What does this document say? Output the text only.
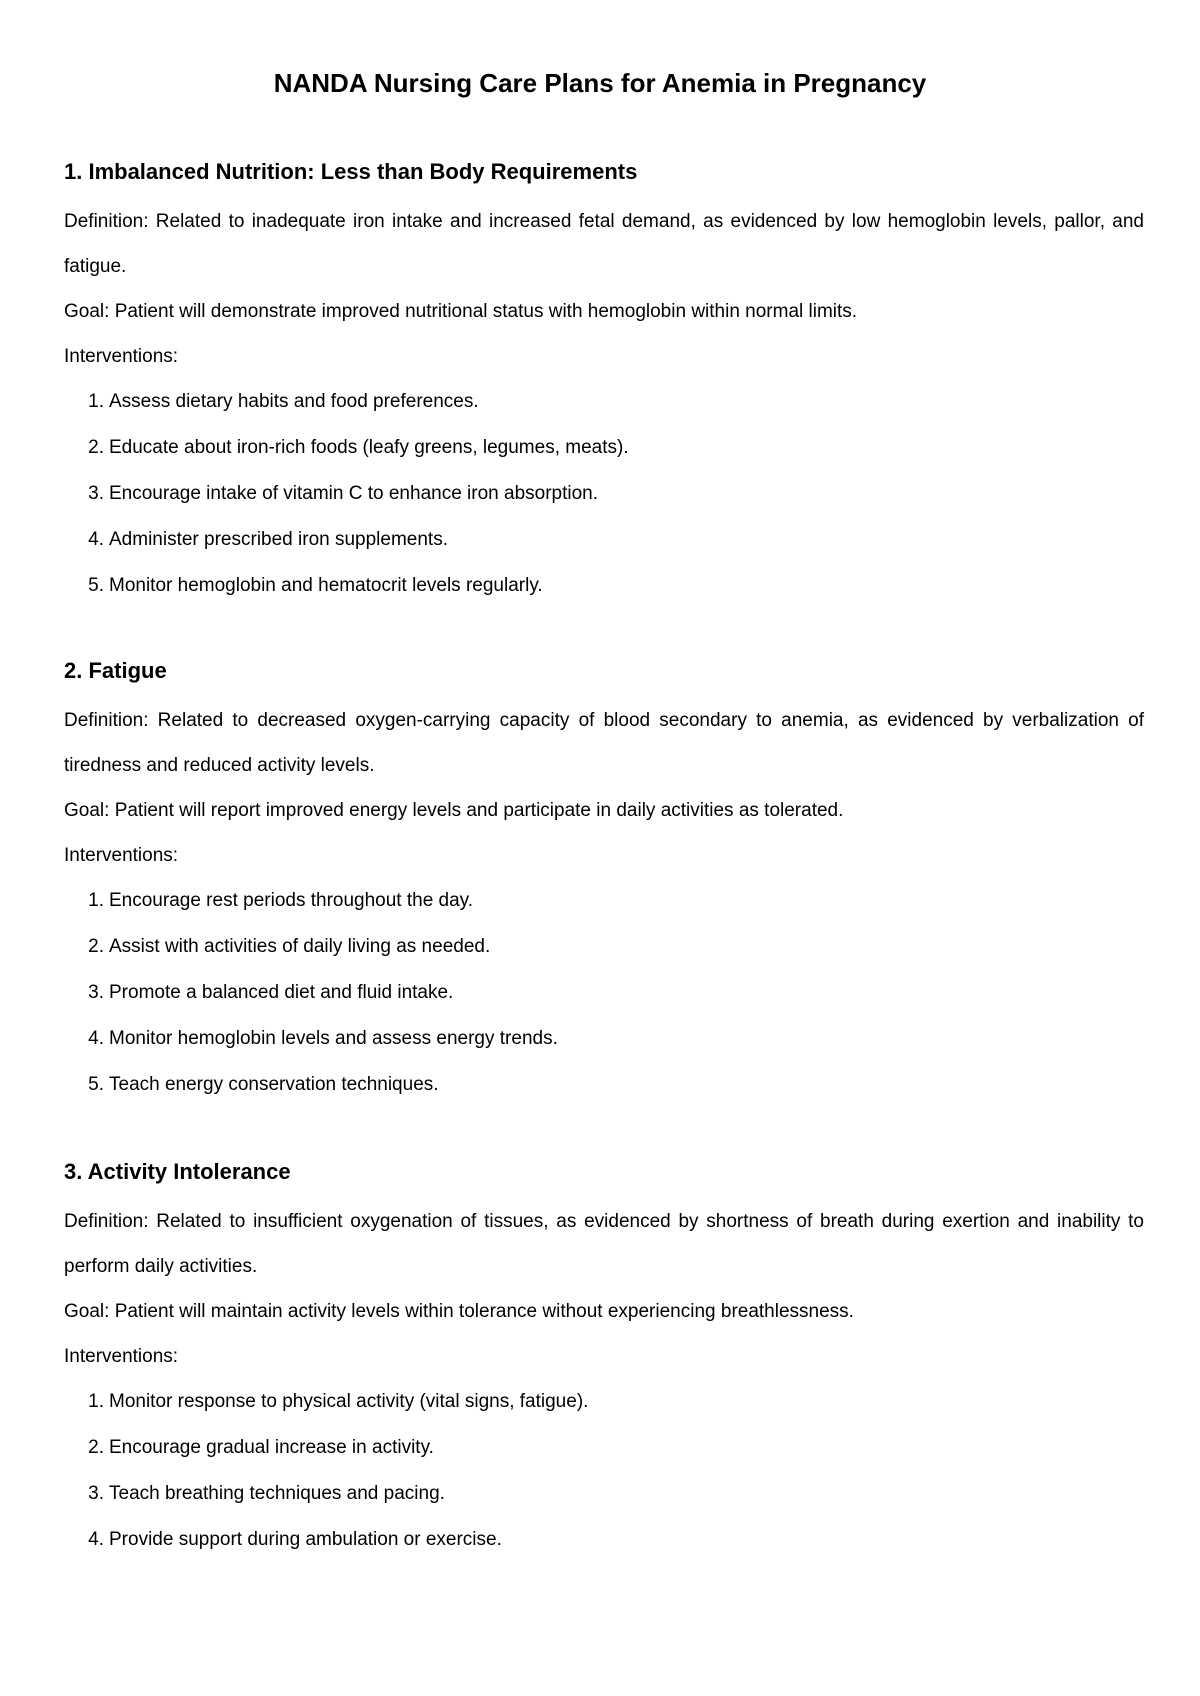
NANDA Nursing Care Plans for Anemia in Pregnancy
1. Imbalanced Nutrition: Less than Body Requirements

Definition: Related to inadequate iron intake and increased fetal demand, as evidenced by low hemoglobin levels, pallor, and fatigue.

Goal: Patient will demonstrate improved nutritional status with hemoglobin within normal limits.

Interventions:

1. Assess dietary habits and food preferences.
2. Educate about iron-rich foods (leafy greens, legumes, meats).
3. Encourage intake of vitamin C to enhance iron absorption.
4. Administer prescribed iron supplements.
5. Monitor hemoglobin and hematocrit levels regularly.
2. Fatigue

Definition: Related to decreased oxygen-carrying capacity of blood secondary to anemia, as evidenced by verbalization of tiredness and reduced activity levels.

Goal: Patient will report improved energy levels and participate in daily activities as tolerated.

Interventions:

1. Encourage rest periods throughout the day.
2. Assist with activities of daily living as needed.
3. Promote a balanced diet and fluid intake.
4. Monitor hemoglobin levels and assess energy trends.
5. Teach energy conservation techniques.
3. Activity Intolerance

Definition: Related to insufficient oxygenation of tissues, as evidenced by shortness of breath during exertion and inability to perform daily activities.

Goal: Patient will maintain activity levels within tolerance without experiencing breathlessness.

Interventions:

1. Monitor response to physical activity (vital signs, fatigue).
2. Encourage gradual increase in activity.
3. Teach breathing techniques and pacing.
4. Provide support during ambulation or exercise.
